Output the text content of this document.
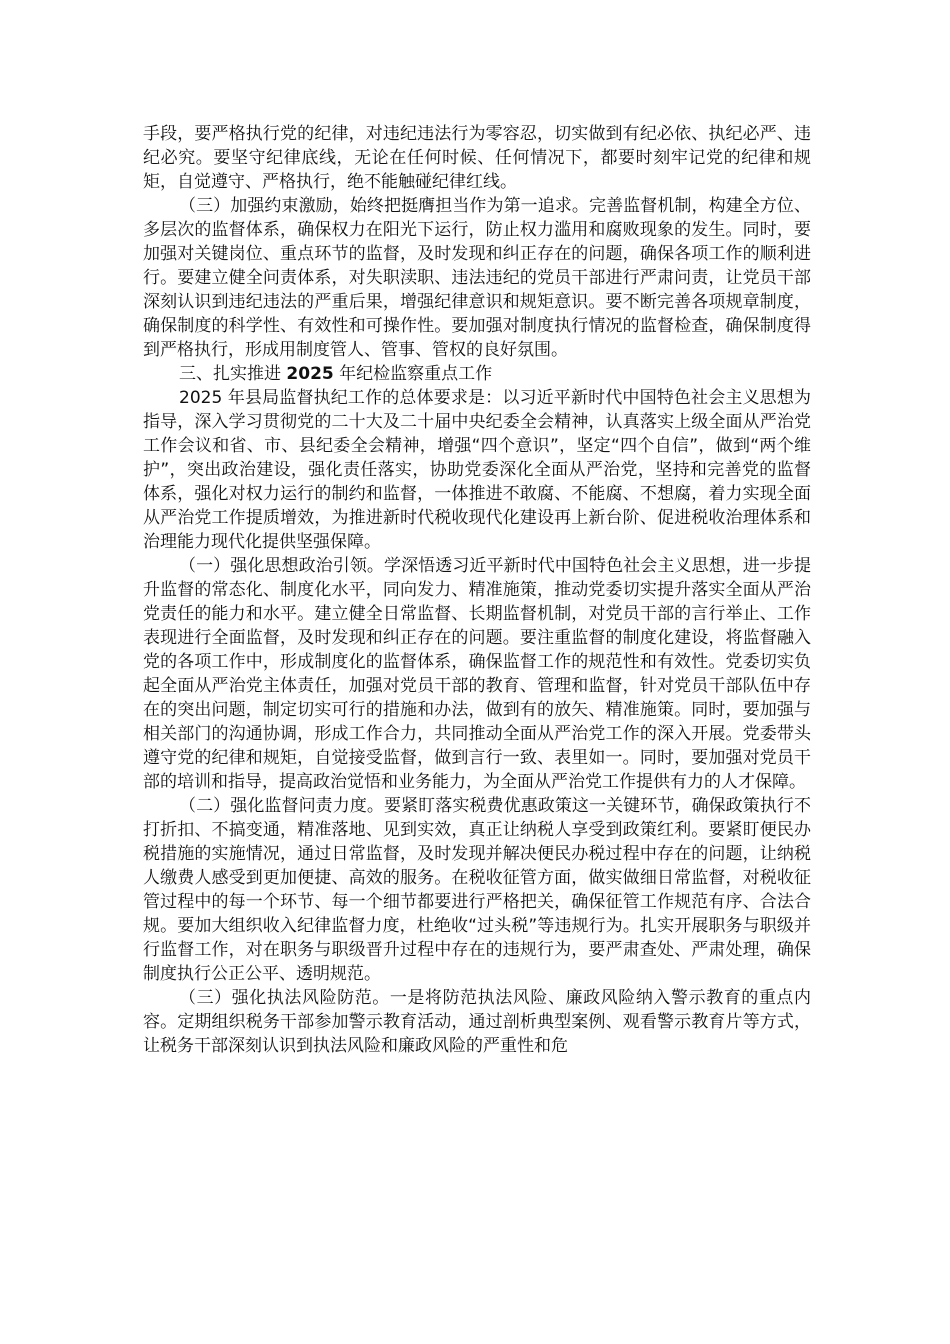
手段，要严格执行党的纪律，对违纪违法行为零容忍，切实做到有纪必依、执纪必严、违纪必究。要坚守纪律底线，无论在任何时候、任何情况下，都要时刻牢记党的纪律和规矩，自觉遵守、严格执行，绝不能触碰纪律红线。

（三）加强约束激励，始终把挺膺担当作为第一追求。完善监督机制，构建全方位、多层次的监督体系，确保权力在阳光下运行，防止权力滥用和腐败现象的发生。同时，要加强对关键岗位、重点环节的监督，及时发现和纠正存在的问题，确保各项工作的顺利进行。要建立健全问责体系，对失职渎职、违法违纪的党员干部进行严肃问责，让党员干部深刻认识到违纪违法的严重后果，增强纪律意识和规矩意识。要不断完善各项规章制度，确保制度的科学性、有效性和可操作性。要加强对制度执行情况的监督检查，确保制度得到严格执行，形成用制度管人、管事、管权的良好氛围。

三、扎实推进 2025 年纪检监察重点工作

2025 年县局监督执纪工作的总体要求是：以习近平新时代中国特色社会主义思想为指导，深入学习贯彻党的二十大及二十届中央纪委全会精神，认真落实上级全面从严治党工作会议和省、市、县纪委全会精神，增强“四个意识”，坚定“四个自信”，做到“两个维护”，突出政治建设，强化责任落实，协助党委深化全面从严治党，坚持和完善党的监督体系，强化对权力运行的制约和监督，一体推进不敢腐、不能腐、不想腐，着力实现全面从严治党工作提质增效，为推进新时代税收现代化建设再上新台阶、促进税收治理体系和治理能力现代化提供坚强保障。

（一）强化思想政治引领。学深悟透习近平新时代中国特色社会主义思想，进一步提升监督的常态化、制度化水平，同向发力、精准施策，推动党委切实提升落实全面从严治党责任的能力和水平。建立健全日常监督、长期监督机制，对党员干部的言行举止、工作表现进行全面监督，及时发现和纠正存在的问题。要注重监督的制度化建设，将监督融入党的各项工作中，形成制度化的监督体系，确保监督工作的规范性和有效性。党委切实负起全面从严治党主体责任，加强对党员干部的教育、管理和监督，针对党员干部队伍中存在的突出问题，制定切实可行的措施和办法，做到有的放矢、精准施策。同时，要加强与相关部门的沟通协调，形成工作合力，共同推动全面从严治党工作的深入开展。党委带头遵守党的纪律和规矩，自觉接受监督，做到言行一致、表里如一。同时，要加强对党员干部的培训和指导，提高政治觉悟和业务能力，为全面从严治党工作提供有力的人才保障。

（二）强化监督问责力度。要紧盯落实税费优惠政策这一关键环节，确保政策执行不打折扣、不搞变通，精准落地、见到实效，真正让纳税人享受到政策红利。要紧盯便民办税措施的实施情况，通过日常监督，及时发现并解决便民办税过程中存在的问题，让纳税人缴费人感受到更加便捷、高效的服务。在税收征管方面，做实做细日常监督，对税收征管过程中的每一个环节、每一个细节都要进行严格把关，确保征管工作规范有序、合法合规。要加大组织收入纪律监督力度，杜绝收“过头税”等违规行为。扎实开展职务与职级并行监督工作，对在职务与职级晋升过程中存在的违规行为，要严肃查处、严肃处理，确保制度执行公正公平、透明规范。

（三）强化执法风险防范。一是将防范执法风险、廉政风险纳入警示教育的重点内容。定期组织税务干部参加警示教育活动，通过剖析典型案例、观看警示教育片等方式，让税务干部深刻认识到执法风险和廉政风险的严重性和危
